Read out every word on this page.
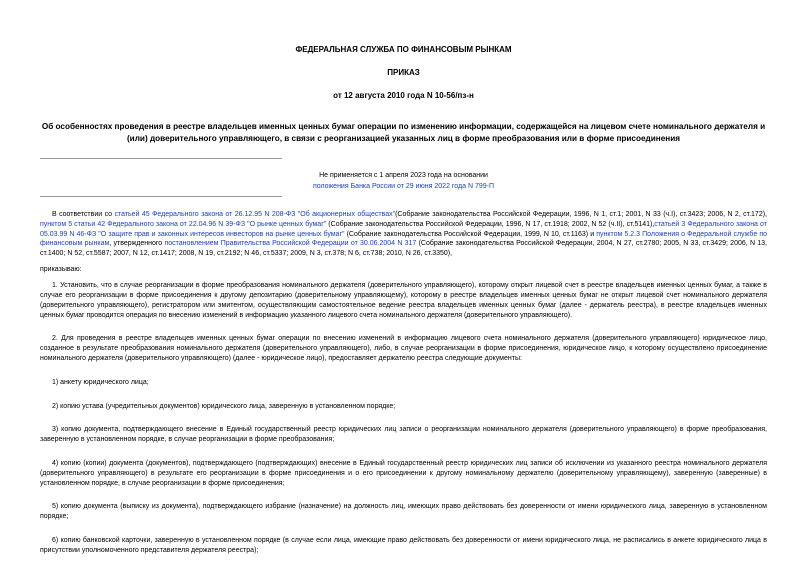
ФЕДЕРАЛЬНАЯ СЛУЖБА ПО ФИНАНСОВЫМ РЫНКАМ
ПРИКАЗ
от 12 августа 2010 года N 10-56/пз-н
Об особенностях проведения в реестре владельцев именных ценных бумаг операции по изменению информации, содержащейся на лицевом счете номинального держателя и (или) доверительного управляющего, в связи с реорганизацией указанных лиц в форме преобразования или в форме присоединения
Не применяется с 1 апреля 2023 года на основании
положения Банка России от 29 июня 2022 года N 799-П

В соответствии со статьей 45 Федерального закона от 26.12.95 N 208-ФЗ "Об акционерных обществах"(Собрание законодательства Российской Федерации, 1996, N 1, ст.1; 2001, N 33 (ч.I), ст.3423; 2006, N 2, ст.172), пунктом 5 статьи 42 Федерального закона от 22.04.96 N 39-ФЗ "О рынке ценных бумаг" (Собрание законодательства Российской Федерации, 1996, N 17, ст.1918; 2002, N 52 (ч.II), ст.5141),статьей 3 Федерального закона от 05.03.99 N 46-ФЗ "О защите прав и законных интересов инвесторов на рынке ценных бумаг" (Собрание законодательства Российской Федерации, 1999, N 10, ст.1163) и пунктом 5.2.3 Положения о Федеральной службе по финансовым рынкам, утвержденного постановлением Правительства Российской Федерации от 30.06.2004 N 317 (Собрание законодательства Российской Федерации, 2004, N 27, ст.2780; 2005, N 33, ст.3429; 2006, N 13, ст.1400; N 52, ст.5587; 2007, N 12, ст.1417; 2008, N 19, ст.2192; N 46, ст.5337; 2009, N 3, ст.378; N 6, ст.738; 2010, N 26, ст.3350),

приказываю:

1. Установить, что в случае реорганизации в форме преобразования номинального держателя (доверительного управляющего), которому открыт лицевой счет в реестре владельцев именных ценных бумаг, а также в случае его реорганизации в форме присоединения к другому депозитарию (доверительному управляющему), которому в реестре владельцев именных ценных бумаг не открыт лицевой счет номинального держателя (доверительного управляющего), регистратором или эмитентом, осуществляющим самостоятельное ведение реестра владельцев именных ценных бумаг (далее - держатель реестра), в реестре владельцев именных ценных бумаг проводится операция по внесению изменений в информацию указанного лицевого счета номинального держателя (доверительного управляющего).

2. Для проведения в реестре владельцев именных ценных бумаг операции по внесению изменений в информацию лицевого счета номинального держателя (доверительного управляющего) юридическое лицо, созданное в результате преобразования номинального держателя (доверительного управляющего), либо, в случае реорганизации в форме присоединения, юридическое лицо, к которому осуществлено присоединение номинального держателя (доверительного управляющего) (далее - юридическое лицо), предоставляет держателю реестра следующие документы:

1) анкету юридического лица;

2) копию устава (учредительных документов) юридического лица, заверенную в установленном порядке;

3) копию документа, подтверждающего внесение в Единый государственный реестр юридических лиц записи о реорганизации номинального держателя (доверительного управляющего) в форме преобразования, заверенную в установленном порядке, в случае реорганизации в форме преобразования;

4) копию (копии) документа (документов), подтверждающего (подтверждающих) внесение в Единый государственный реестр юридических лиц записи об исключении из указанного реестра номинального держателя (доверительного управляющего) в результате его реорганизации в форме присоединения и о его присоединении к другому номинальному держателю (доверительному управляющему), заверенную (заверенные) в установленном порядке, в случае реорганизации в форме присоединения;

5) копию документа (выписку из документа), подтверждающего избрание (назначение) на должность лиц, имеющих право действовать без доверенности от имени юридического лица, заверенную в установленном порядке;

6) копию банковской карточки, заверенную в установленном порядке (в случае если лица, имеющие право действовать без доверенности от имени юридического лица, не расписались в анкете юридического лица в присутствии уполномоченного представителя держателя реестра);
